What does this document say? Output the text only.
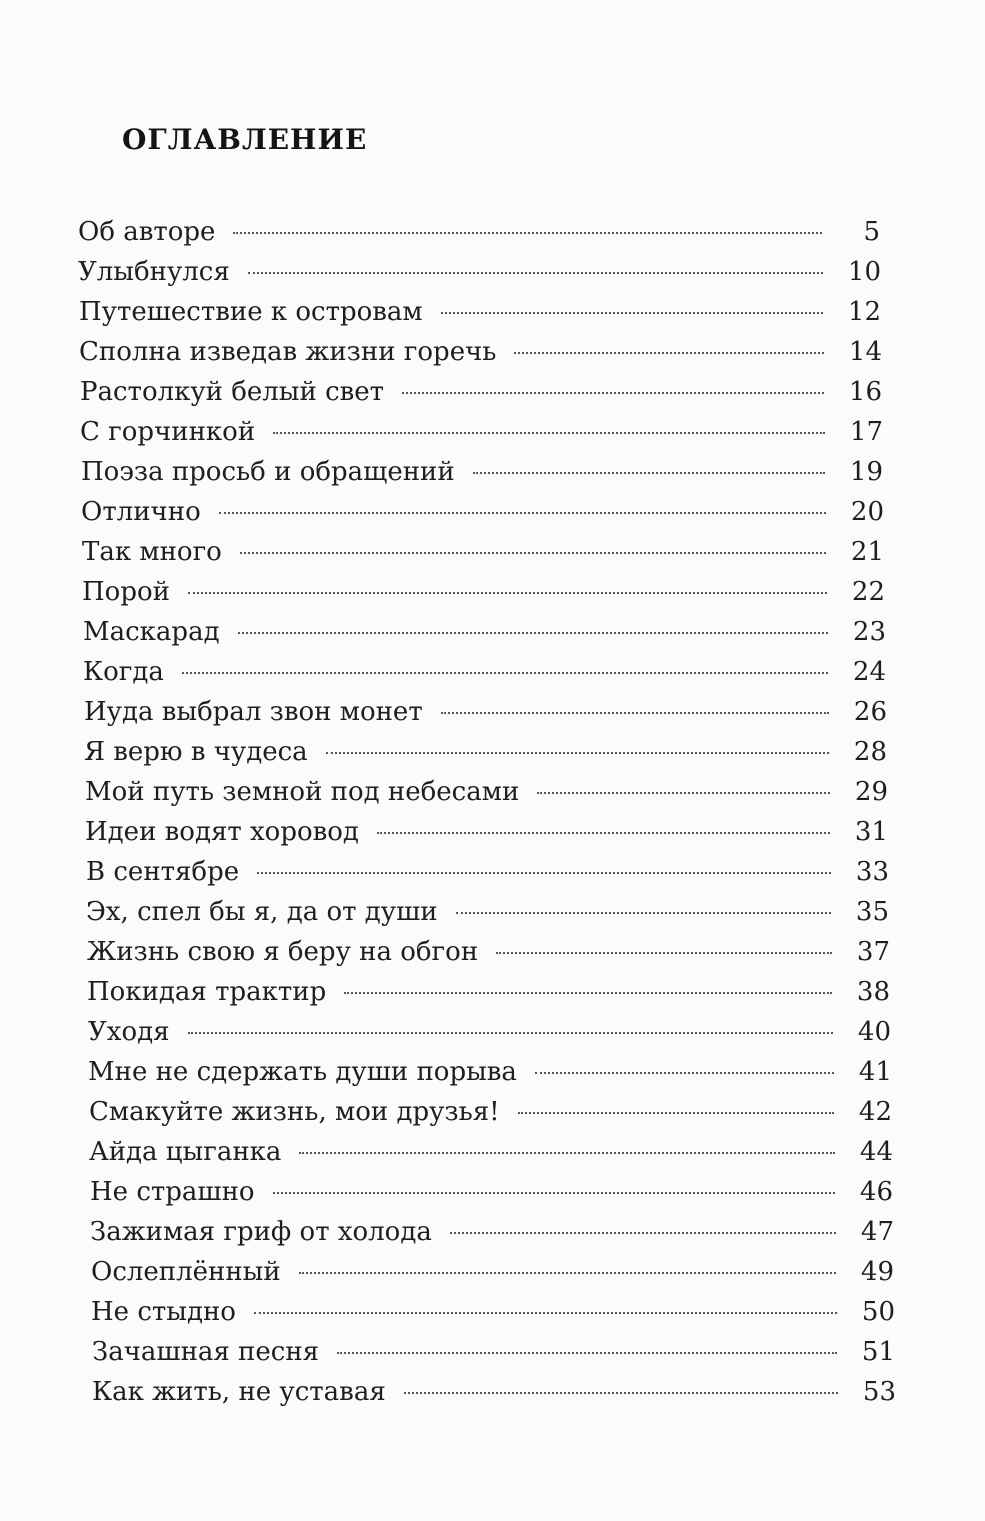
оглавление
Об авторе	5
Улыбнулся	10
Путешествие к островам	12
Сполна изведав жизни горечь	14
Растолкуй белый свет	16
С горчинкой	17
Поэза просьб и обращений	19
Отлично	20
Так много	21
Порой	22
Маскарад	23
Когда	24
Иуда выбрал звон монет	26
Я верю в чудеса	28
Мой путь земной под небесами	29
Идеи водят хоровод	31
В сентябре	33
Эх, спел бы я, да от души	35
Жизнь свою я беру на обгон	37
Покидая трактир	38
Уходя	40
Мне не сдержать души порыва	41
Смакуйте жизнь, мои друзья!	42
Айда цыганка	44
Не страшно	46
Зажимая гриф от холода	47
Ослеплённый	49
Не стыдно	50
Зачашная песня	51
Как жить, не уставая	53
